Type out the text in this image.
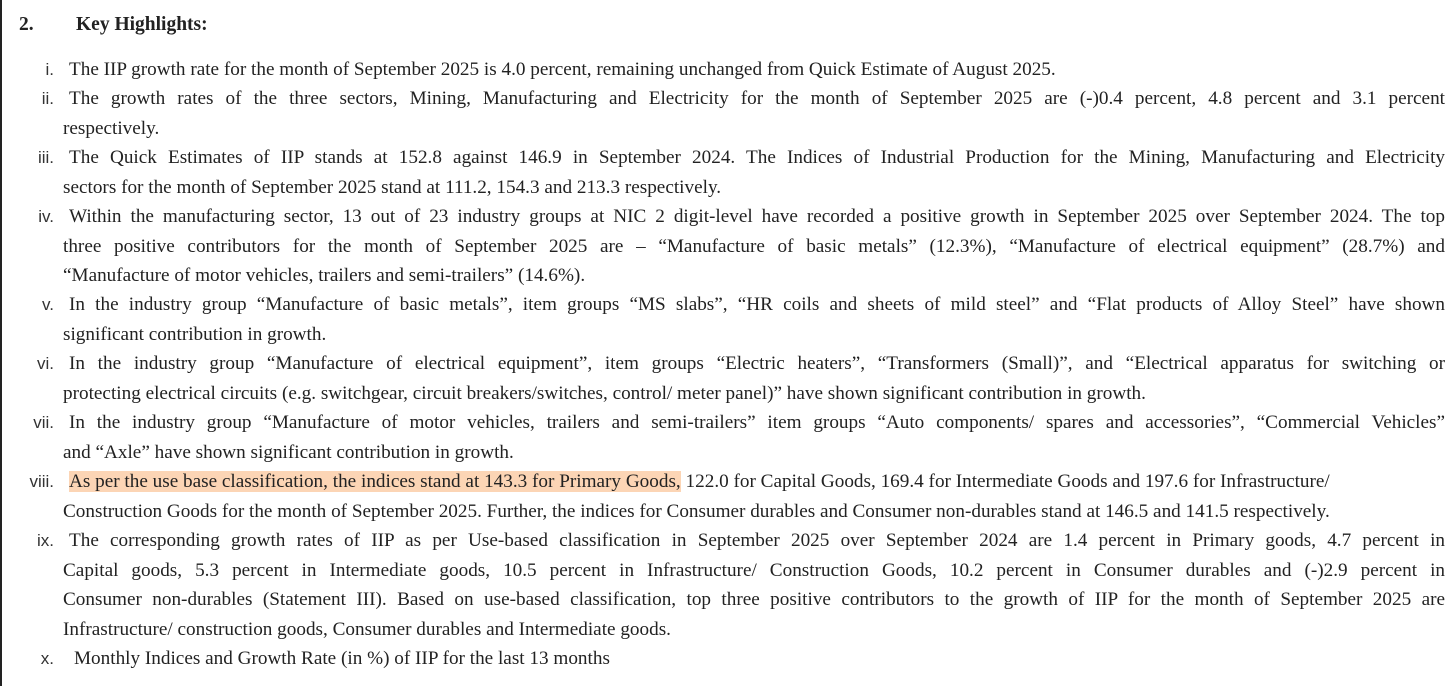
2. Key Highlights:
i. The IIP growth rate for the month of September 2025 is 4.0 percent, remaining unchanged from Quick Estimate of August 2025.
ii. The growth rates of the three sectors, Mining, Manufacturing and Electricity for the month of September 2025 are (-)0.4 percent, 4.8 percent and 3.1 percent
respectively.
iii. The Quick Estimates of IIP stands at 152.8 against 146.9 in September 2024. The Indices of Industrial Production for the Mining, Manufacturing and Electricity
sectors for the month of September 2025 stand at 111.2, 154.3 and 213.3 respectively.
iv. Within the manufacturing sector, 13 out of 23 industry groups at NIC 2 digit-level have recorded a positive growth in September 2025 over September 2024. The top
three positive contributors for the month of September 2025 are – “Manufacture of basic metals” (12.3%), “Manufacture of electrical equipment” (28.7%) and
“Manufacture of motor vehicles, trailers and semi-trailers” (14.6%).
v. In the industry group “Manufacture of basic metals”, item groups “MS slabs”, “HR coils and sheets of mild steel” and “Flat products of Alloy Steel” have shown
significant contribution in growth.
vi. In the industry group “Manufacture of electrical equipment”, item groups “Electric heaters”, “Transformers (Small)”, and “Electrical apparatus for switching or
protecting electrical circuits (e.g. switchgear, circuit breakers/switches, control/ meter panel)” have shown significant contribution in growth.
vii. In the industry group “Manufacture of motor vehicles, trailers and semi-trailers” item groups “Auto components/ spares and accessories”, “Commercial Vehicles”
and “Axle” have shown significant contribution in growth.
viii. As per the use base classification, the indices stand at 143.3 for Primary Goods, 122.0 for Capital Goods, 169.4 for Intermediate Goods and 197.6 for Infrastructure/
Construction Goods for the month of September 2025. Further, the indices for Consumer durables and Consumer non-durables stand at 146.5 and 141.5 respectively.
ix. The corresponding growth rates of IIP as per Use-based classification in September 2025 over September 2024 are 1.4 percent in Primary goods, 4.7 percent in
Capital goods, 5.3 percent in Intermediate goods, 10.5 percent in Infrastructure/ Construction Goods, 10.2 percent in Consumer durables and (-)2.9 percent in
Consumer non-durables (Statement III). Based on use-based classification, top three positive contributors to the growth of IIP for the month of September 2025 are
Infrastructure/ construction goods, Consumer durables and Intermediate goods.
x. Monthly Indices and Growth Rate (in %) of IIP for the last 13 months
